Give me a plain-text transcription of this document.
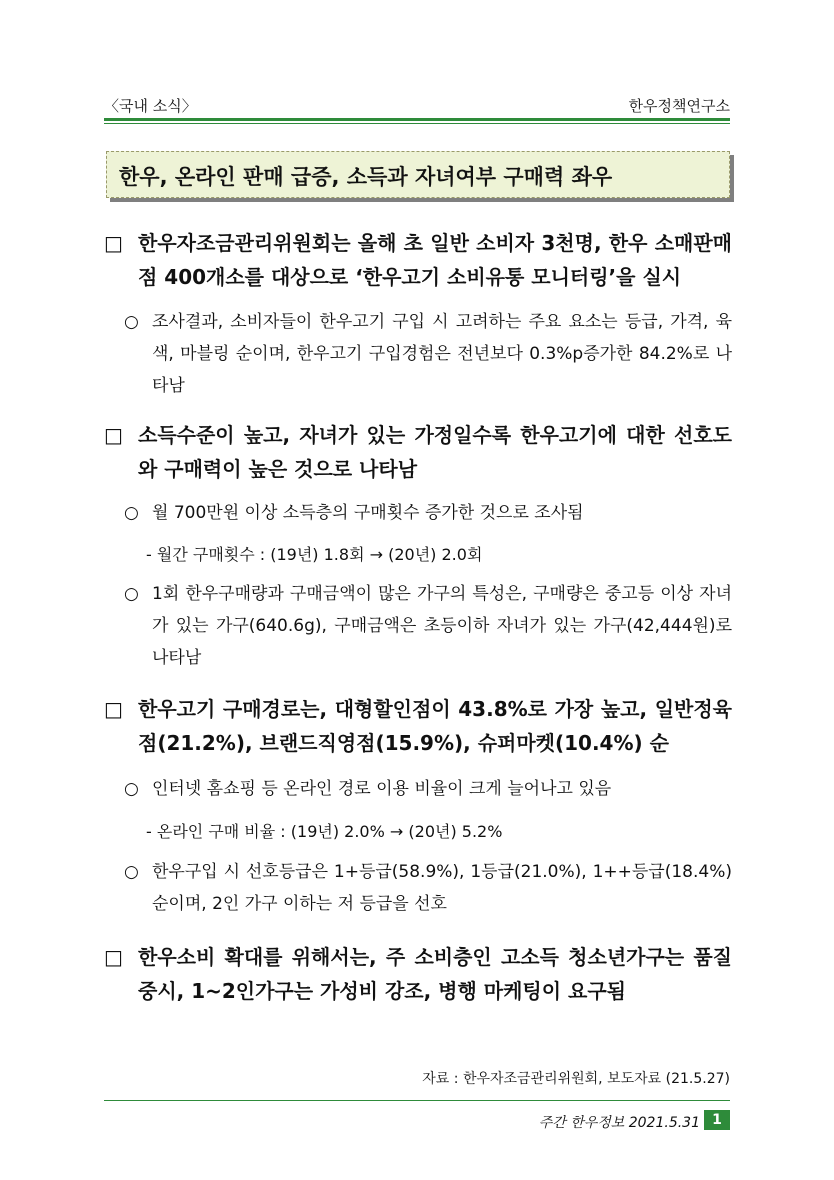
〈국내 소식〉	한우정책연구소
한우, 온라인 판매 급증, 소득과 자녀여부 구매력 좌우
□ 한우자조금관리위원회는 올해 초 일반 소비자 3천명, 한우 소매판매점 400개소를 대상으로 ‘한우고기 소비유통 모니터링’을 실시
○ 조사결과, 소비자들이 한우고기 구입 시 고려하는 주요 요소는 등급, 가격, 육색, 마블링 순이며, 한우고기 구입경험은 전년보다 0.3%p증가한 84.2%로 나타남
□ 소득수준이 높고, 자녀가 있는 가정일수록 한우고기에 대한 선호도와 구매력이 높은 것으로 나타남
○ 월 700만원 이상 소득층의 구매횟수 증가한 것으로 조사됨
- 월간 구매횟수 : (19년) 1.8회 → (20년) 2.0회
○ 1회 한우구매량과 구매금액이 많은 가구의 특성은, 구매량은 중고등 이상 자녀가 있는 가구(640.6g), 구매금액은 초등이하 자녀가 있는 가구(42,444원)로 나타남
□ 한우고기 구매경로는, 대형할인점이 43.8%로 가장 높고, 일반정육점(21.2%), 브랜드직영점(15.9%), 슈퍼마켓(10.4%) 순
○ 인터넷 홈쇼핑 등 온라인 경로 이용 비율이 크게 늘어나고 있음
- 온라인 구매 비율 : (19년) 2.0% → (20년) 5.2%
○ 한우구입 시 선호등급은 1+등급(58.9%), 1등급(21.0%), 1++등급(18.4%) 순이며, 2인 가구 이하는 저 등급을 선호
□ 한우소비 확대를 위해서는, 주 소비층인 고소득 청소년가구는 품질중시, 1~2인가구는 가성비 강조, 병행 마케팅이 요구됨
자료 : 한우자조금관리위원회, 보도자료 (21.5.27)
주간 한우정보 2021.5.31 1
